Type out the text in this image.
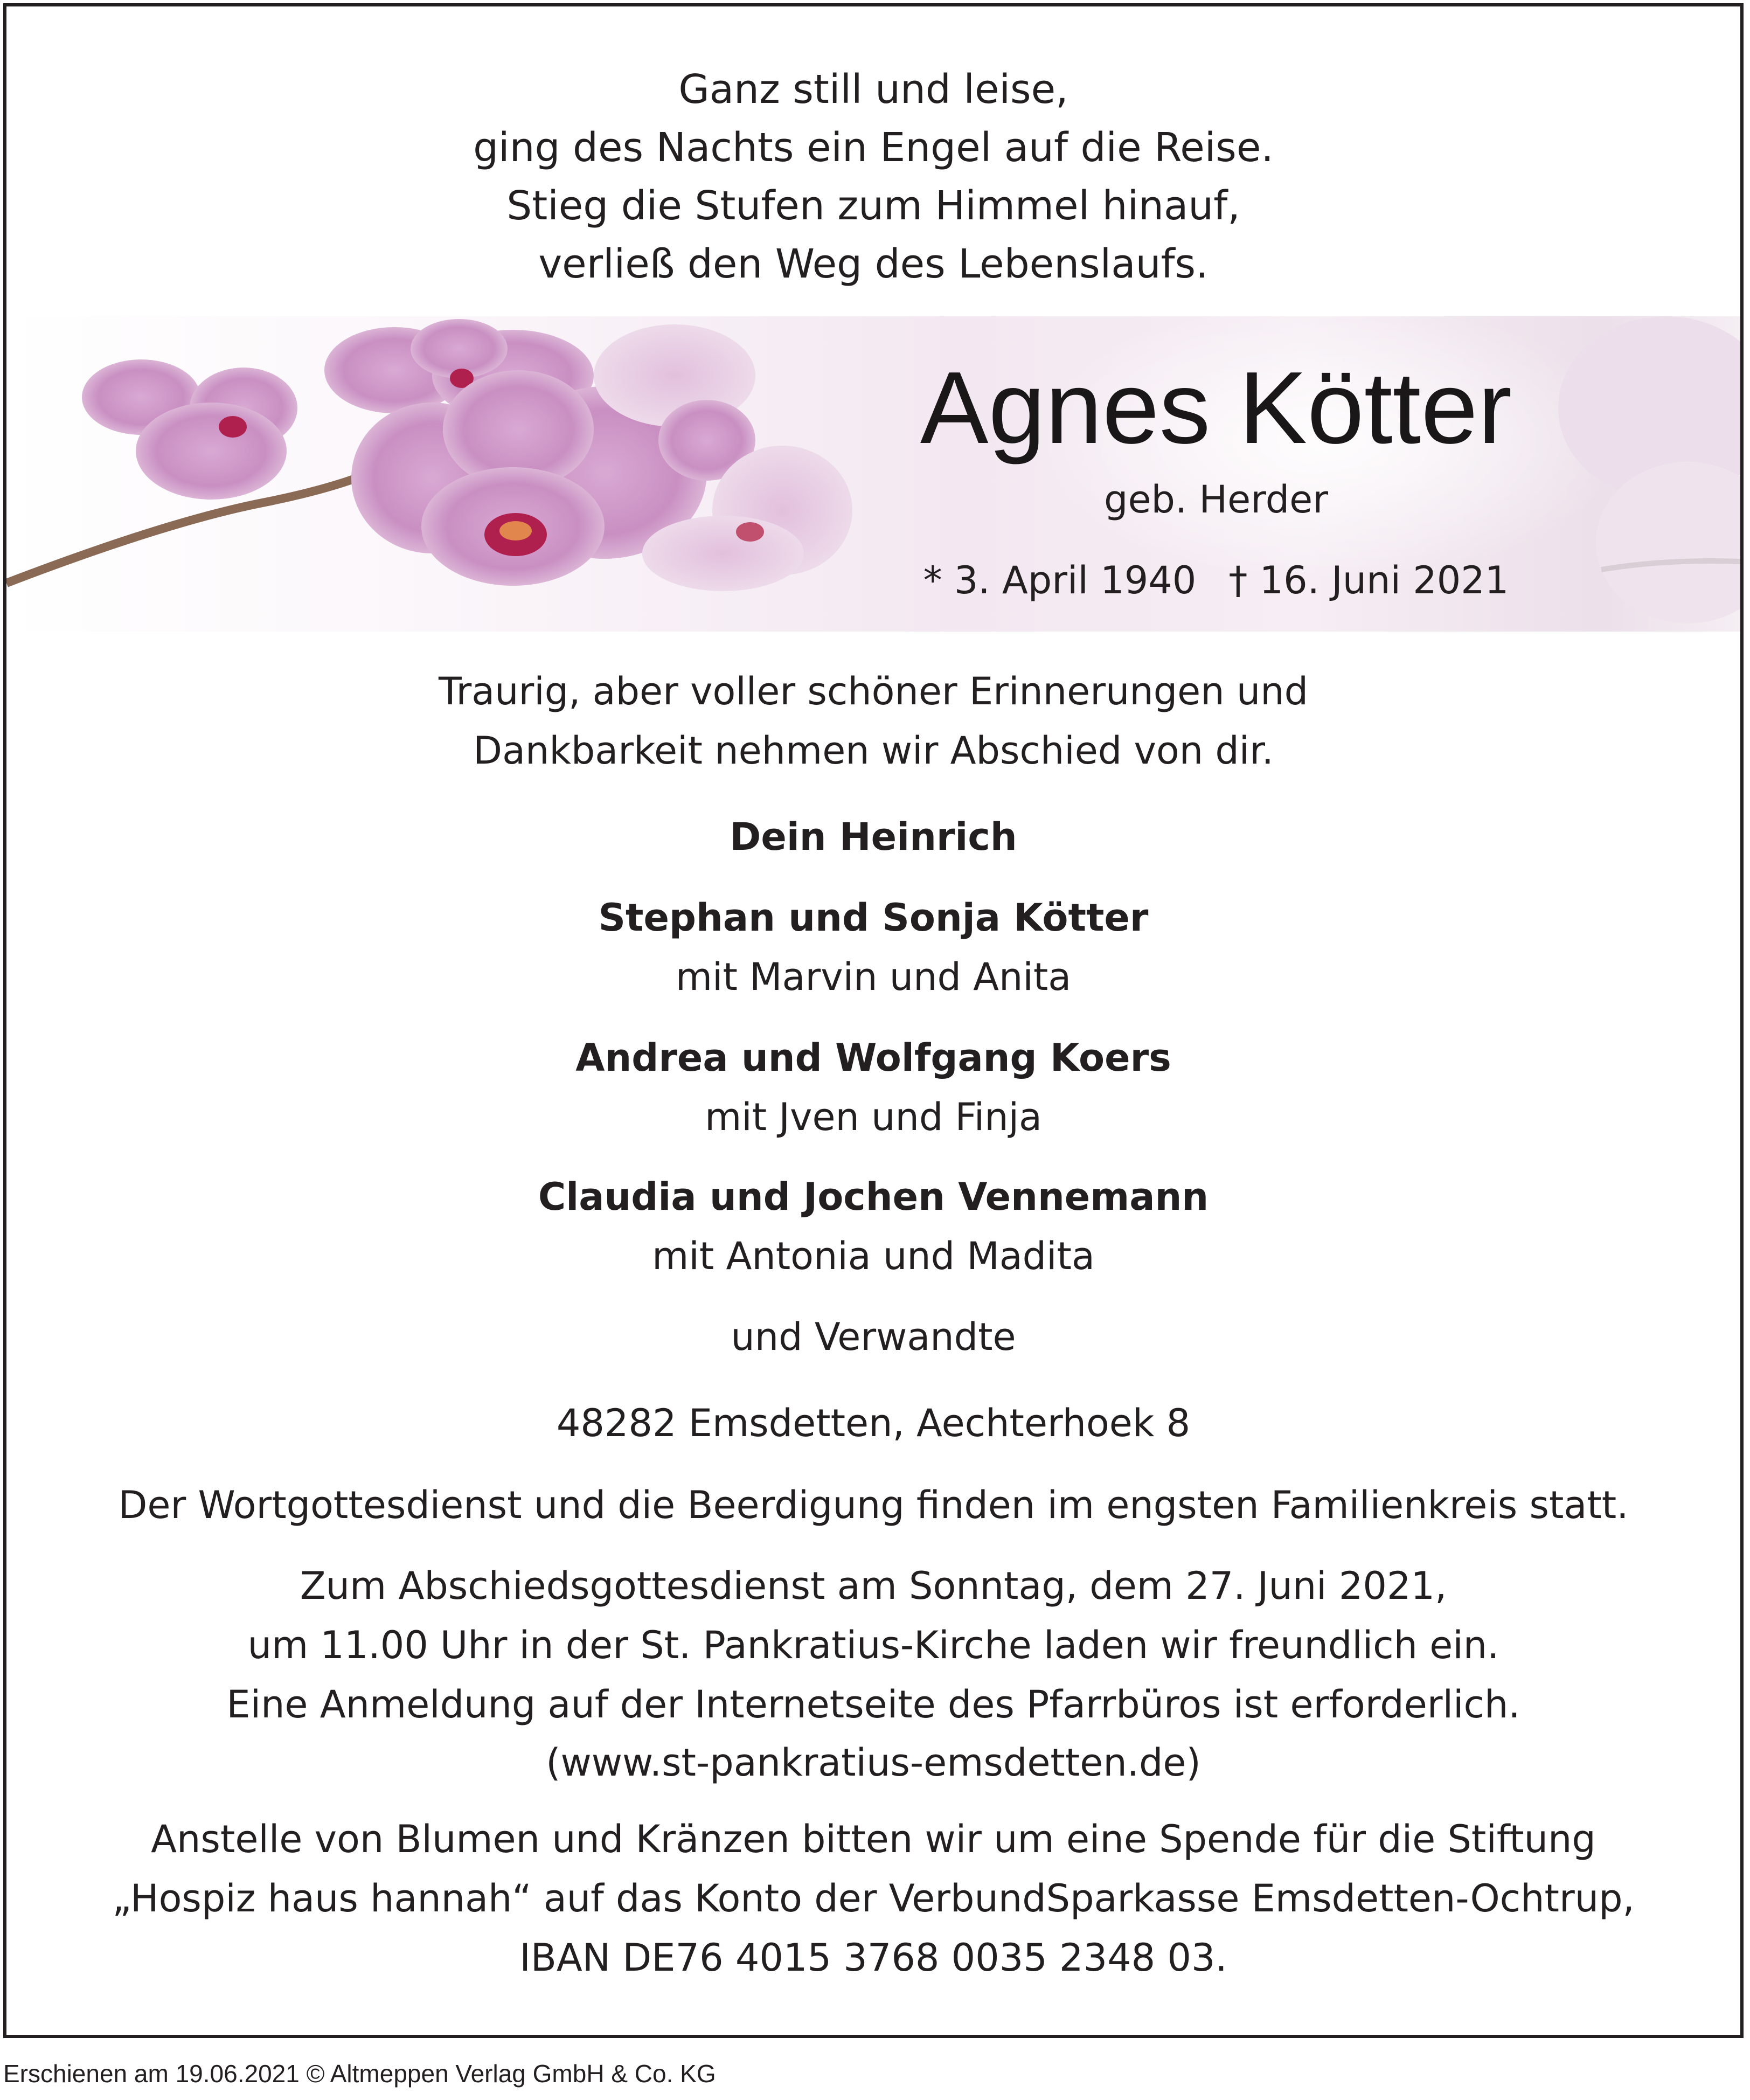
Ganz still und leise,
ging des Nachts ein Engel auf die Reise.
Stieg die Stufen zum Himmel hinauf,
verließ den Weg des Lebenslaufs.
Agnes Kötter
geb. Herder
* 3. April 1940 † 16. Juni 2021
Traurig, aber voller schöner Erinnerungen und
Dankbarkeit nehmen wir Abschied von dir.
Dein Heinrich
Stephan und Sonja Kötter
mit Marvin und Anita
Andrea und Wolfgang Koers
mit Jven und Finja
Claudia und Jochen Vennemann
mit Antonia und Madita
und Verwandte
48282 Emsdetten, Aechterhoek 8
Der Wortgottesdienst und die Beerdigung finden im engsten Familienkreis statt.
Zum Abschiedsgottesdienst am Sonntag, dem 27. Juni 2021,
um 11.00 Uhr in der St. Pankratius-Kirche laden wir freundlich ein.
Eine Anmeldung auf der Internetseite des Pfarrbüros ist erforderlich.
(www.st-pankratius-emsdetten.de)
Anstelle von Blumen und Kränzen bitten wir um eine Spende für die Stiftung
„Hospiz haus hannah“ auf das Konto der VerbundSparkasse Emsdetten-Ochtrup,
IBAN DE76 4015 3768 0035 2348 03.
Erschienen am 19.06.2021 © Altmeppen Verlag GmbH & Co. KG
